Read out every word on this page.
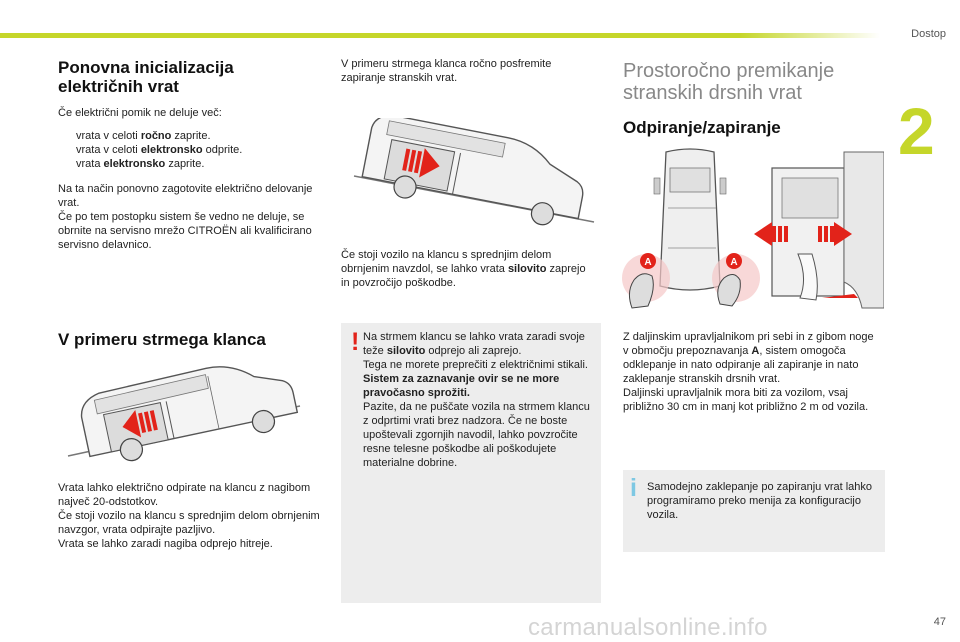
Dostop
2
Ponovna inicializacija električnih vrat
Če električni pomik ne deluje več:
vrata v celoti ročno zaprite.
vrata v celoti elektronsko odprite.
vrata elektronsko zaprite.

Na ta način ponovno zagotovite električno delovanje vrat.

Če po tem postopku sistem še vedno ne deluje, se obrnite na servisno mrežo CITROËN ali kvalificirano servisno delavnico.

V primeru strmega klanca

Vrata lahko električno odpirate na klancu z nagibom največ 20-odstotkov.

Če stoji vozilo na klancu s sprednjim delom obrnjenim navzgor, vrata odpirajte pazljivo.

Vrata se lahko zaradi nagiba odprejo hitreje.

V primeru strmega klanca ročno posfremite zapiranje stranskih vrat.
Če stoji vozilo na klancu s sprednjim delom obrnjenim navzdol, se lahko vrata silovito zaprejo in povzročijo poškodbe.
! Na strmem klancu se lahko vrata zaradi svoje teže silovito odprejo ali zaprejo.

Tega ne morete preprečiti z električnimi stikali.

Sistem za zaznavanje ovir se ne more pravočasno sprožiti.

Pazite, da ne puščate vozila na strmem klancu z odprtimi vrati brez nadzora. Če ne boste upoštevali zgornjih navodil, lahko povzročite resne telesne poškodbe ali poškodujete materialne dobrine.

Prostoročno premikanje stranskih drsnih vrat
Odpiranje/zapiranje
A	A

Z daljinskim upravljalnikom pri sebi in z gibom noge v območju prepoznavanja A, sistem omogoča odklepanje in nato odpiranje ali zapiranje in nato zaklepanje stranskih drsnih vrat.

Daljinski upravljalnik mora biti za vozilom, vsaj približno 30 cm in manj kot približno 2 m od vozila.

i Samodejno zaklepanje po zapiranju vrat lahko programiramo preko menija za konfiguracijo vozila.
carmanualsonline.info	47
